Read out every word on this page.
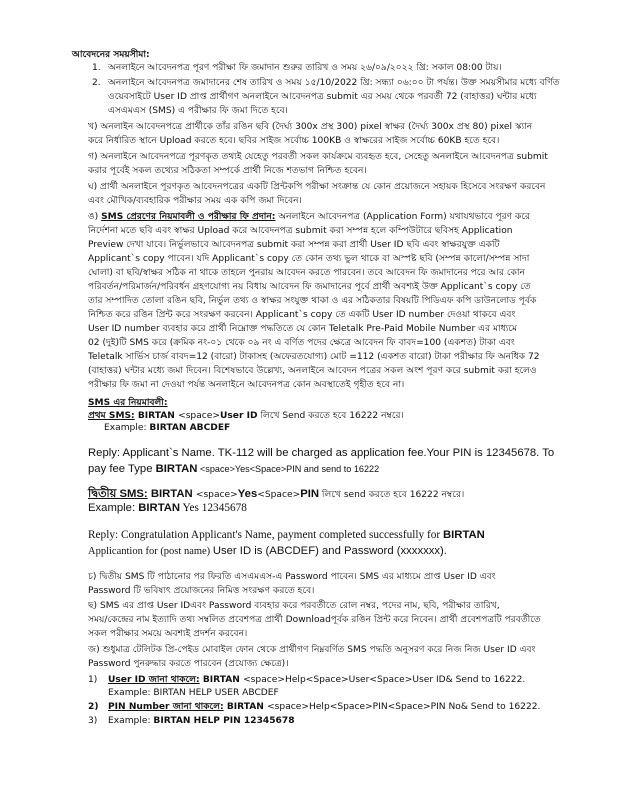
আবেদনের সময়সীমা:
1. অনলাইনে আবেদনপত্র পূরণ পরীক্ষা ফি জমাদান শুরুর তারিখ ও সময় ২৬/০৯/২০২২ খ্রি: সকাল 08:00 টায়।
2. অনলাইনে আবেদনপত্র জমাদানের শেষ তারিখ ও সময় ১৫/10/2022 খ্রি: সন্ধ্যা ০৬:০০ টা পর্যন্ত। উক্ত সময়সীমার মধ্যে বর্ণিত
ওয়েবসাইটে User ID প্রাপ্ত প্রার্থীগণ অনলাইনে আবেদনপত্র submit এর সময় থেকে পরবর্তী 72 (বাহাত্তর) ঘন্টার মধ্যে
এসএমএস (SMS) এ পরীক্ষার ফি জমা দিতে হবে।
খ) অনলাইন আবেদনপত্রে প্রার্থীকে তাঁর রঙিন ছবি (দৈর্ঘ্য 300x প্রস্থ 300) pixel স্বাক্ষর (দৈর্ঘ্য 300x প্রস্থ 80) pixel স্ক্যান
করে নির্ধারিত স্থানে Upload করতে হবে। ছবির সাইজ সর্বোচ্চ 100KB ও স্বাক্ষরের সাইজ সর্বোচ্চ 60KB হতে হবে।
গ) অনলাইনে আবেদনপত্রে পূরণকৃত তথ্যই যেহেতু পরবর্তী সকল কার্যক্রমে ব্যবহৃত হবে, সেহেতু অনলাইনে আবেদনপত্র submit
করার পূর্বেই সকল তথ্যের সঠিকতা সম্পর্কে প্রার্থী নিজে শতভাগ নিশ্চিত হবেন।
ঘ) প্রার্থী অনলাইনে পূরণকৃত আবেদনপত্রের একটি প্রিন্টকপি পরীক্ষা সংক্রান্ত যে কোন প্রয়োজনে সহায়ক হিসেবে সংরক্ষণ করবেন
এবং মৌখিক/ব্যবহারিক পরীক্ষার সময় এক কপি জমা দিবেন।
ঙ) SMS প্রেরণের নিয়মাবলী ও পরীক্ষার ফি প্রদান: অনলাইনে আবেদনপত্র (Application Form) যথাযথভাবে পূরণ করে
নির্দেশনা মতে ছবি এবং স্বাক্ষর Upload করে আবেদনপত্র submit করা সম্পন্ন হলে কম্পিউটারে ছবিসহ Application
Preview দেখা যাবে। নির্ভুলভাবে আবেদনপত্র submit করা সম্পন্ন করা প্রার্থী User ID ছবি এবং স্বাক্ষরযুক্ত একটি
Applicant`s copy পাবেন। যদি Applicant`s copy তে কোন তথ্য ভুল থাকে বা অস্পষ্ট ছবি (সম্পন্ন কালো/সম্পন্ন সাদা
ঘোলা) বা ছবি/স্বাক্ষর সঠিক না থাকে তাহলে পুনরায় আবেদন করতে পারবেন। তবে আবেদন ফি জমাদানের পরে আর কোন
পরিবর্তন/পরিমার্জন/পরিবর্ধন গ্রহণযোগ্য নয় বিধায় আবেদন ফি জমাদানের পূর্বে প্রার্থী অবশ্যই উক্ত Applicant`s copy তে
তার সম্পাদিত তোলা রঙিন ছবি, নির্ভুল তথ্য ও স্বাক্ষর সংযুক্ত থাকা ও এর সঠিকতার বিষয়টি পিডিএফ কপি ডাউনলোড পূর্বক
নিশ্চিত করে রঙিন প্রিন্ট করে সংরক্ষণ করবেন। Applicant`s copy তে একটি User ID number দেওয়া থাকবে এবং
User ID number ব্যবহার করে প্রার্থী নিম্নোক্ত পদ্ধতিতে যে কোন Teletalk Pre-Paid Mobile Number এর মাধ্যমে
02 (দুই)টি SMS করে (ক্রমিক নং-০১ থেকে ০৯ নং এ বর্ণিত পদের ক্ষেত্রে আবেদন ফি বাবদ=100 (একশত) টাকা এবং
Teletalk সার্ভিস চার্জ বাবদ=12 (বারো) টাকাসহ (অফেরতযোগ্য) মোট =112 (একশত বারো) টাকা পরীক্ষার ফি অনধিক 72
(বাহাত্তর) ঘন্টার মধ্যে জমা দিবেন। বিশেষভাবে উল্লেখ্য, অনলাইনে আবেদন পত্রের সকল অংশ পূরণ করে submit করা হলেও
পরীক্ষার ফি জমা না দেওয়া পর্যন্ত অনলাইনে আবেদনপত্র কোন অবস্থাতেই গৃহীত হবে না।
SMS এর নিয়মাবলী:
প্রথম SMS: BIRTAN <space>User ID লিখে Send করতে হবে 16222 নম্বরে।
Example: BIRTAN ABCDEF
Reply: Applicant`s Name. TK-112 will be charged as application fee.Your PIN is 12345678. To
pay fee Type BIRTAN <space>Yes<Space>PIN and send to 16222
দ্বিতীয় SMS: BIRTAN <space>Yes<Space>PIN লিখে send করতে হবে 16222 নম্বরে।
Example: BIRTAN Yes 12345678
Reply: Congratulation Applicant's Name, payment completed successfully for BIRTAN
Applicantion for (post name) User ID is (ABCDEF) and Password (xxxxxxx).
চ) দ্বিতীয় SMS টি পাঠানোর পর ফিরতি এসএমএস-এ Password পাবেন। SMS এর মাধ্যমে প্রাপ্ত User ID এবং
Password টি ভবিষ্যৎ প্রয়োজনের নিমিত্ত সংরক্ষণ করতে হবে।
ছ) SMS এর প্রাপ্ত User IDএবং Password ব্যবহার করে পরবর্তীতে রোল নম্বর, পদের নাম, ছবি, পরীক্ষার তারিখ,
সময়/কেন্দ্রের নাম ইত্যাদি তথ্য সম্বলিত প্রবেশপত্র প্রার্থী Downloadপূর্বক রঙিন প্রিন্ট করে নিবেন। প্রার্থী প্রবেশপত্রটি পরবর্তীতে
সকল পরীক্ষার সময়ে অবশ্যই প্রদর্শন করবেন।
জ) শুধুমাত্র টেলিটক প্রি-পেইড মোবাইল ফোন থেকে প্রার্থীগণ নিম্নবর্ণিত SMS পদ্ধতি অনুসরণ করে নিজ নিজ User ID এবং
Password পুনরুদ্ধার করতে পারবেন (প্রযোজ্য ক্ষেত্রে)।
1) User ID জানা থাকলে: BIRTAN <space>Help<Space>User<Space>User ID& Send to 16222.
Example: BIRTAN HELP USER ABCDEF
2) PIN Number জানা থাকলে: BIRTAN <space>Help<Space>PIN<Space>PIN No& Send to 16222.
3) Example: BIRTAN HELP PIN 12345678
